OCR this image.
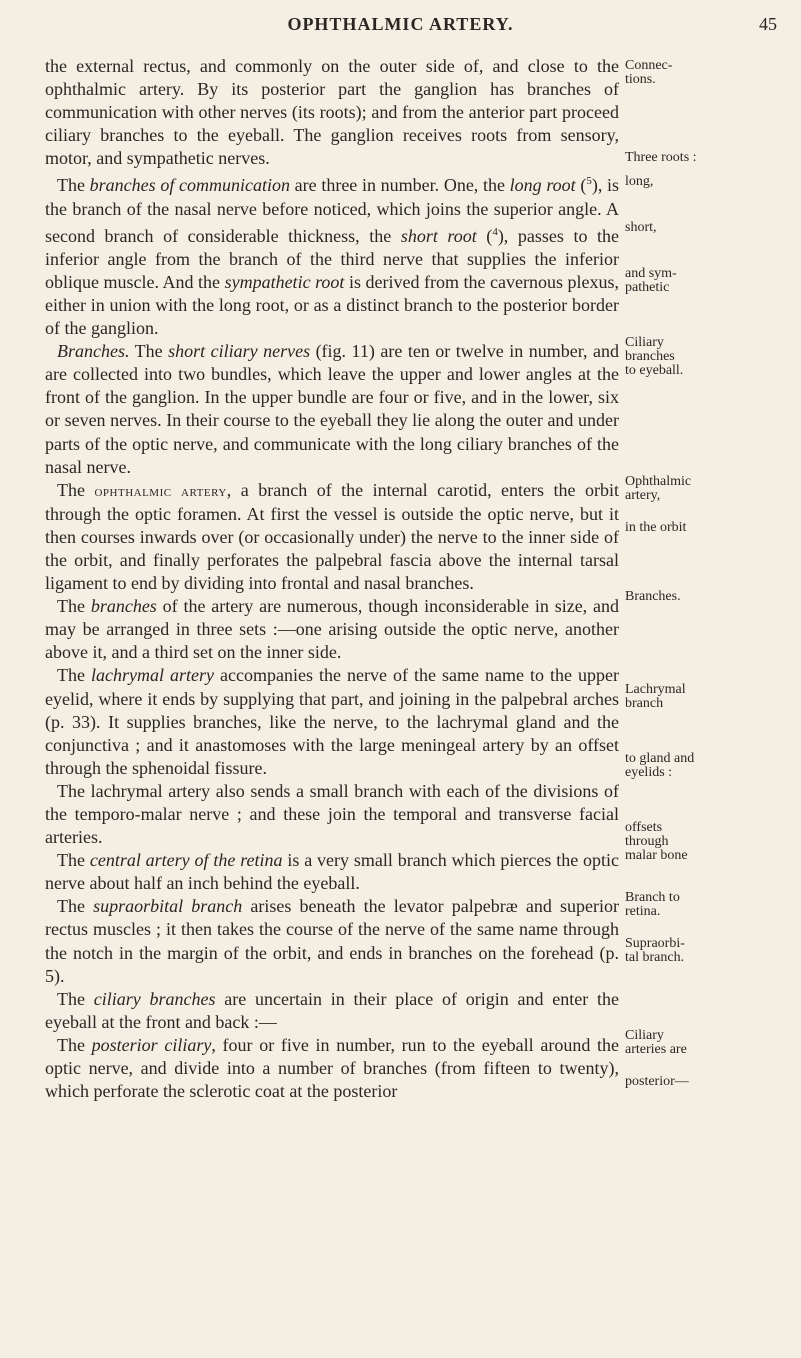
OPHTHALMIC ARTERY.	45

the external rectus, and commonly on the outer side of, and close to the ophthalmic artery. By its posterior part the ganglion has branches of communication with other nerves (its roots); and from the anterior part proceed ciliary branches to the eyeball. The ganglion receives roots from sensory, motor, and sympathetic nerves.

The branches of communication are three in number. One, the long root ($^5$), is the branch of the nasal nerve before noticed, which joins the superior angle. A second branch of considerable thickness, the short root ($^4$), passes to the inferior angle from the branch of the third nerve that supplies the inferior oblique muscle. And the sympathetic root is derived from the cavernous plexus, either in union with the long root, or as a distinct branch to the posterior border of the ganglion.

Branches. The short ciliary nerves (fig. 11) are ten or twelve in number, and are collected into two bundles, which leave the upper and lower angles at the front of the ganglion. In the upper bundle are four or five, and in the lower, six or seven nerves. In their course to the eyeball they lie along the outer and under parts of the optic nerve, and communicate with the long ciliary branches of the nasal nerve.

The ophthalmic artery, a branch of the internal carotid, enters the orbit through the optic foramen. At first the vessel is outside the optic nerve, but it then courses inwards over (or occasionally under) the nerve to the inner side of the orbit, and finally perforates the palpebral fascia above the internal tarsal ligament to end by dividing into frontal and nasal branches.

The branches of the artery are numerous, though inconsiderable in size, and may be arranged in three sets :—one arising outside the optic nerve, another above it, and a third set on the inner side.

The lachrymal artery accompanies the nerve of the same name to the upper eyelid, where it ends by supplying that part, and joining in the palpebral arches (p. 33). It supplies branches, like the nerve, to the lachrymal gland and the conjunctiva ; and it anastomoses with the large meningeal artery by an offset through the sphenoidal fissure.

The lachrymal artery also sends a small branch with each of the divisions of the temporo-malar nerve ; and these join the temporal and transverse facial arteries.

The central artery of the retina is a very small branch which pierces the optic nerve about half an inch behind the eyeball.

The supraorbital branch arises beneath the levator palpebræ and superior rectus muscles ; it then takes the course of the nerve of the same name through the notch in the margin of the orbit, and ends in branches on the forehead (p. 5).

The ciliary branches are uncertain in their place of origin and enter the eyeball at the front and back :—

The posterior ciliary, four or five in number, run to the eyeball around the optic nerve, and divide into a number of branches (from fifteen to twenty), which perforate the sclerotic coat at the posterior

Connec-
tions.
Three roots :
long,
short,
and sym-
pathetic
Ciliary
branches
to eyeball.
Ophthalmic
artery,
in the orbit
Branches.
Lachrymal
branch
to gland and
eyelids :
offsets
through
malar bone
Branch to
retina.
Supraorbi-
tal branch.
Ciliary
arteries are
posterior—
